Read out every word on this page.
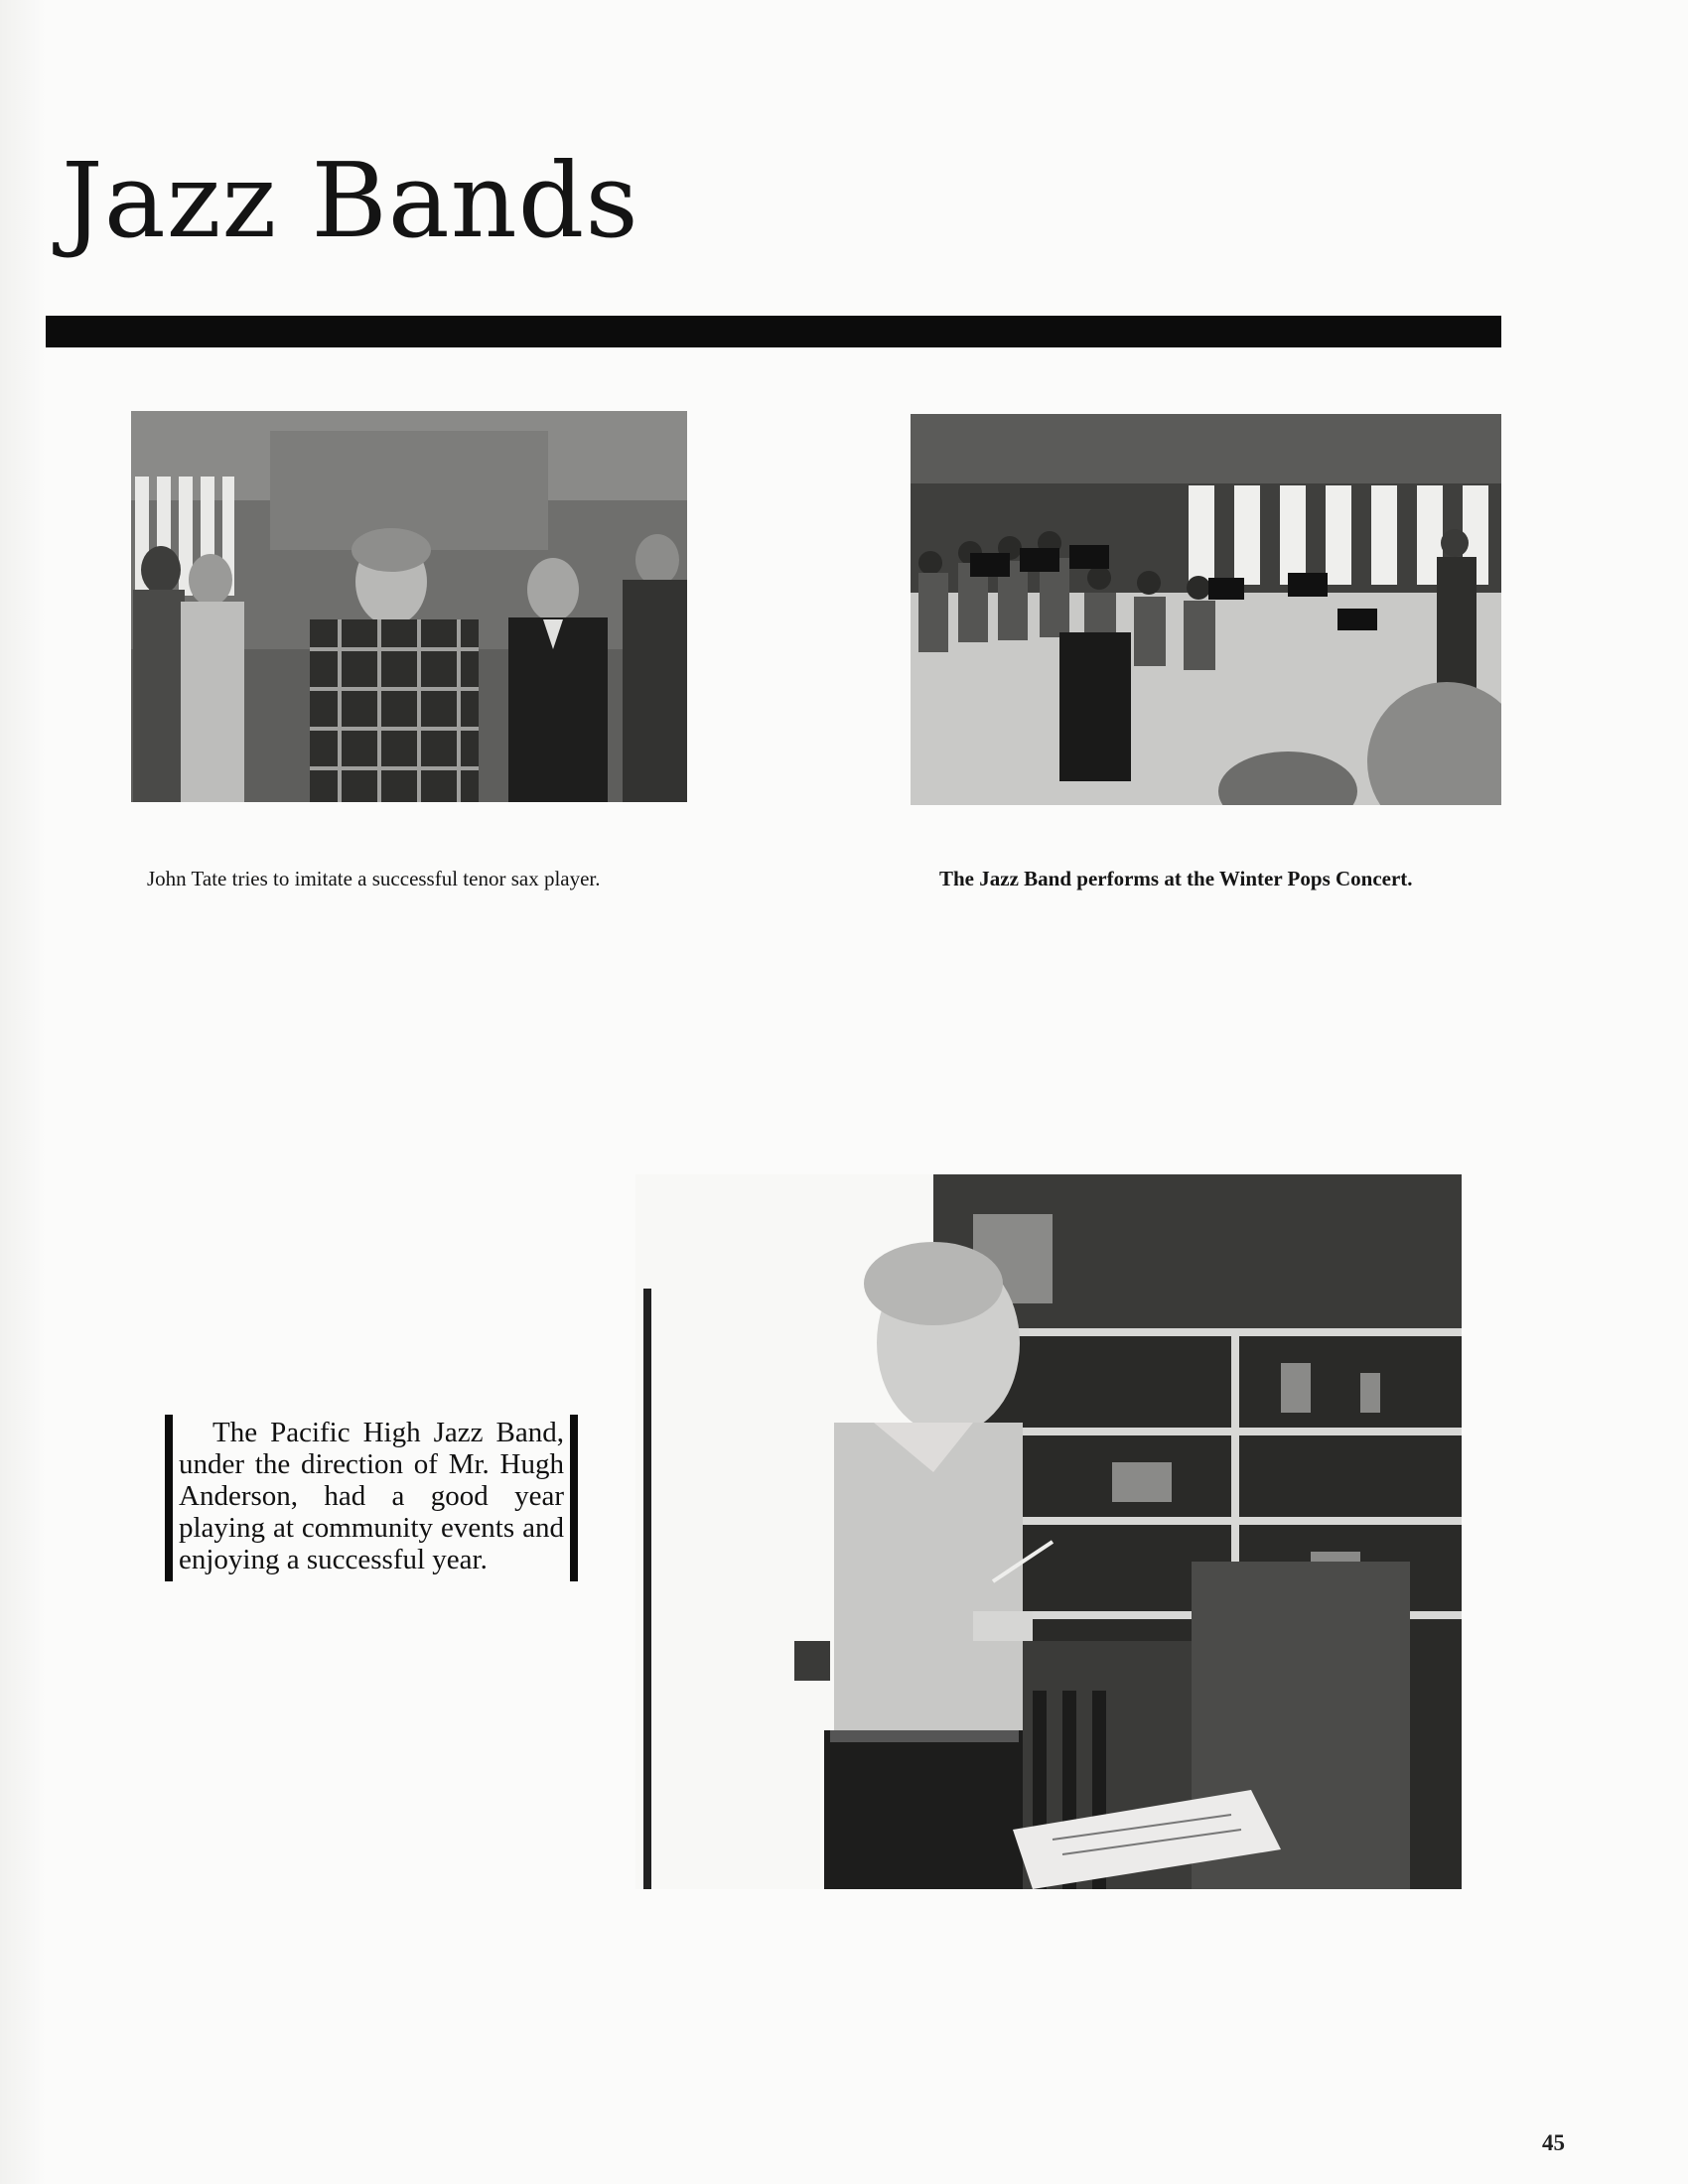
Jazz Bands

John Tate tries to imitate a successful tenor sax player.	The Jazz Band performs at the Winter Pops Concert.

The Pacific High Jazz Band, under the direction of Mr. Hugh Anderson, had a good year playing at community events and enjoying a successful year.
45
